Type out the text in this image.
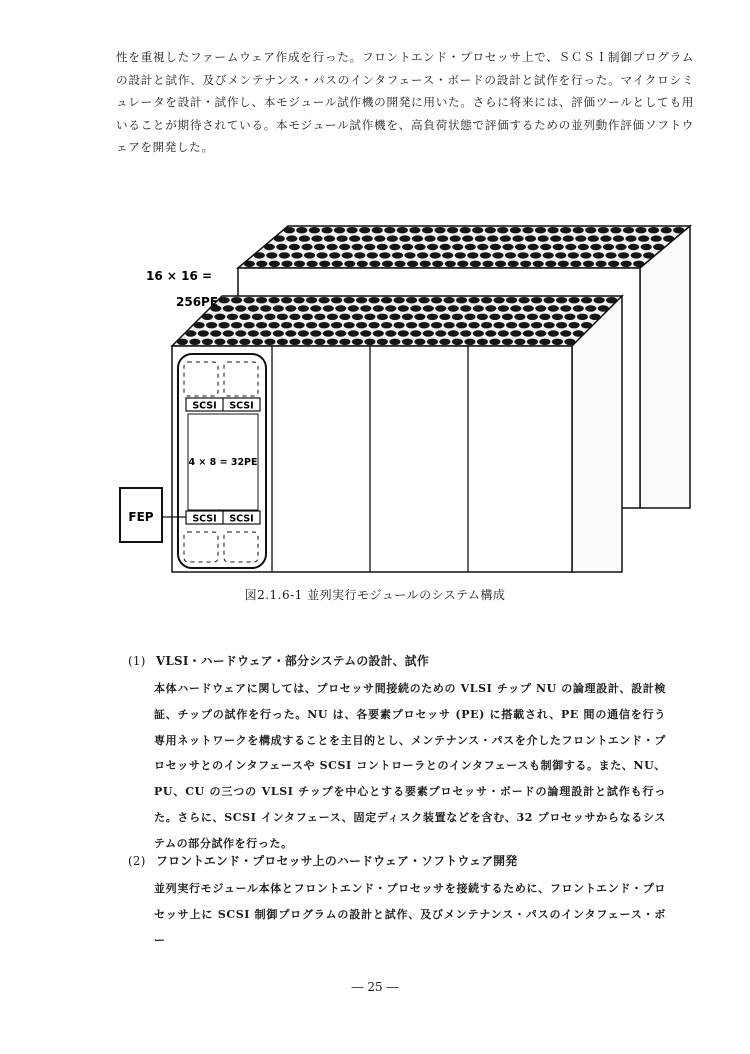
性を重視したファームウェア作成を行った。フロントエンド・プロセッサ上で、ＳＣＳＩ制御プログラムの設計と試作、及びメンテナンス・パスのインタフェース・ボードの設計と試作を行った。マイクロシミュレータを設計・試作し、本モジュール試作機の開発に用いた。さらに将来には、評価ツールとしても用いることが期待されている。本モジュール試作機を、高負荷状態で評価するための並列動作評価ソフトウェアを開発した。

SCSI SCSI
4 × 8 = 32PE
SCSI SCSI
FEP
16 × 16 =
256PE
図2.1.6-1 並列実行モジュールのシステム構成
(1) VLSI・ハードウェア・部分システムの設計、試作

本体ハードウェアに関しては、プロセッサ間接続のための VLSI チップ NU の論理設計、設計検証、チップの試作を行った。NU は、各要素プロセッサ (PE) に搭載され、PE 間の通信を行う専用ネットワークを構成することを主目的とし、メンテナンス・パスを介したフロントエンド・プロセッサとのインタフェースや SCSI コントローラとのインタフェースも制御する。また、NU、PU、CU の三つの VLSI チップを中心とする要素プロセッサ・ボードの論理設計と試作も行った。さらに、SCSI インタフェース、固定ディスク装置などを含む、32 プロセッサからなるシステムの部分試作を行った。

(2) フロントエンド・プロセッサ上のハードウェア・ソフトウェア開発

並列実行モジュール本体とフロントエンド・プロセッサを接続するために、フロントエンド・プロセッサ上に SCSI 制御プログラムの設計と試作、及びメンテナンス・パスのインタフェース・ボー

― 25 ―
